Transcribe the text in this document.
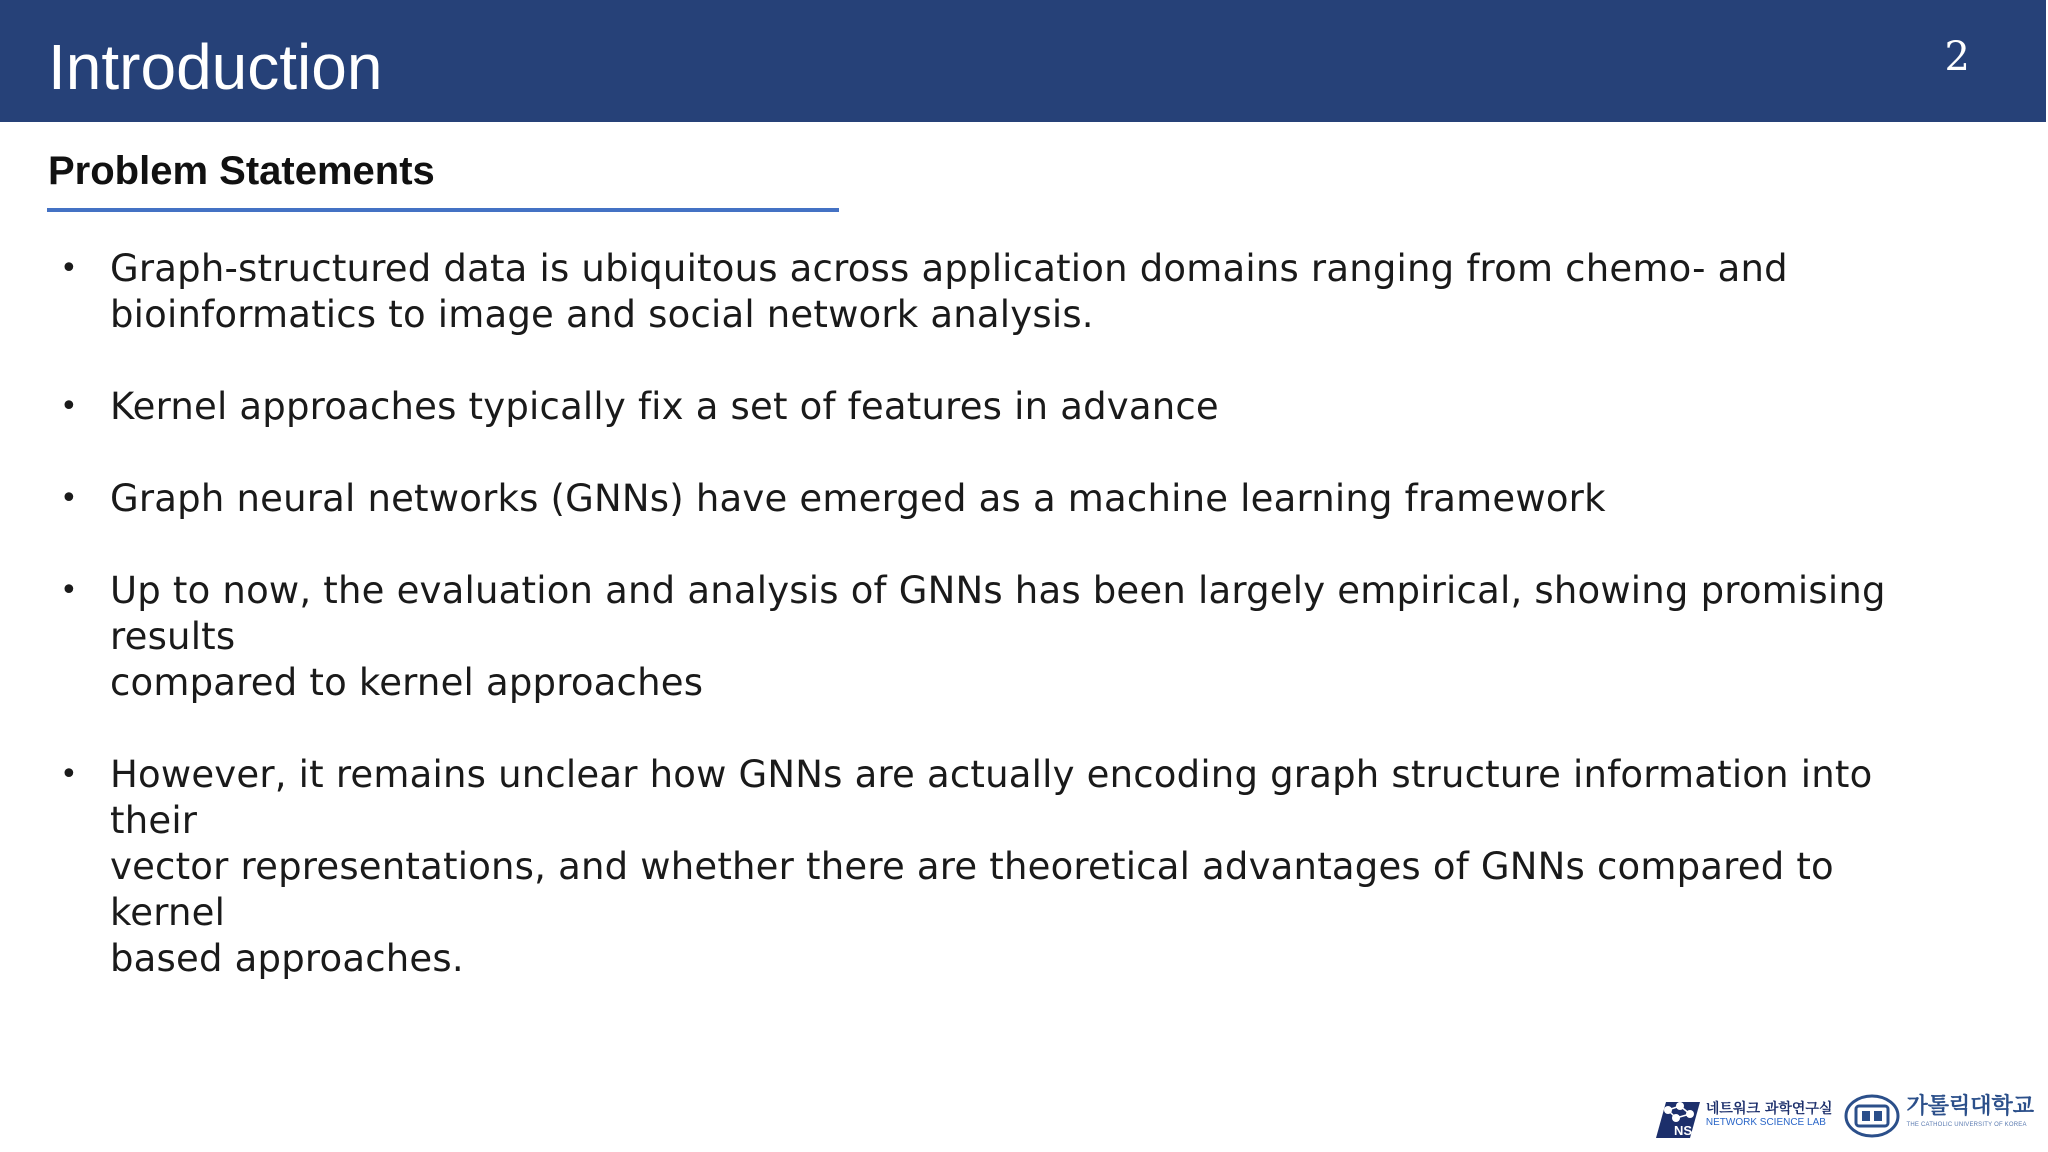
Introduction	2
Problem Statements
• Graph-structured data is ubiquitous across application domains ranging from chemo- and
bioinformatics to image and social network analysis.
• Kernel approaches typically fix a set of features in advance
• Graph neural networks (GNNs) have emerged as a machine learning framework
• Up to now, the evaluation and analysis of GNNs has been largely empirical, showing promising results
compared to kernel approaches
• However, it remains unclear how GNNs are actually encoding graph structure information into their
vector representations, and whether there are theoretical advantages of GNNs compared to kernel
based approaches.
NS
네트워크 과학연구실
NETWORK SCIENCE LAB
가톨릭대학교
THE CATHOLIC UNIVERSITY OF KOREA
